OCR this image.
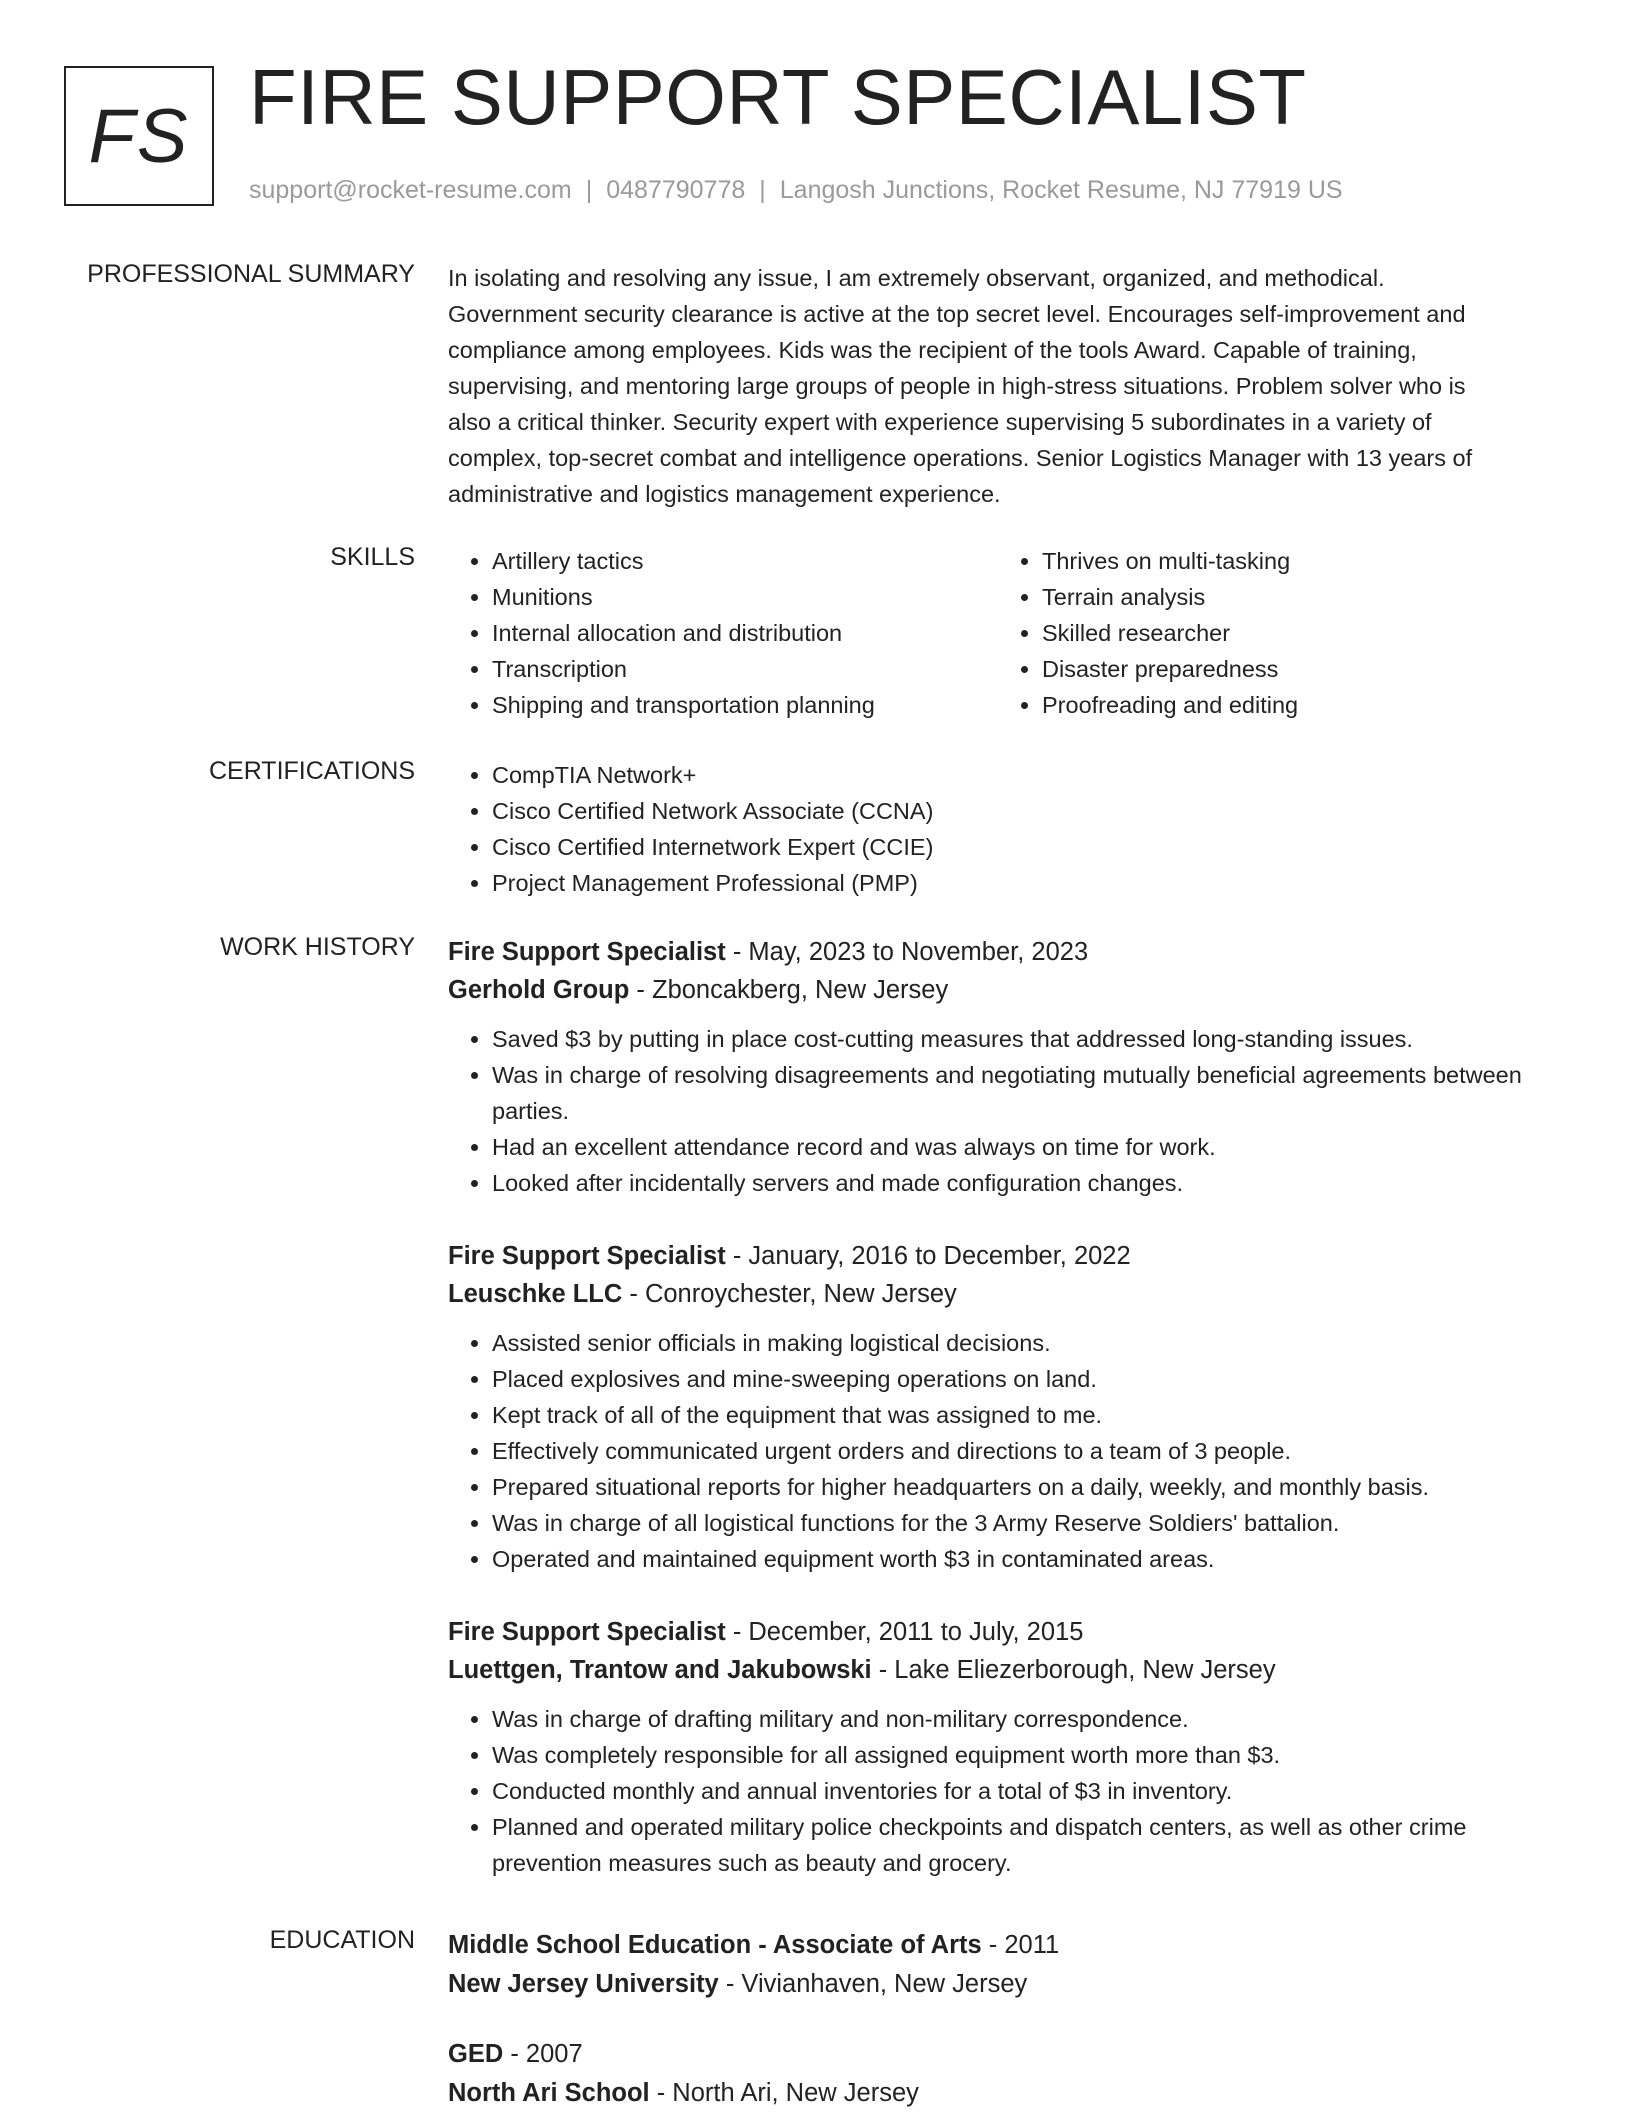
FS FIRE SUPPORT SPECIALIST
support@rocket-resume.com | 0487790778 | Langosh Junctions, Rocket Resume, NJ 77919 US
PROFESSIONAL SUMMARY In isolating and resolving any issue, I am extremely observant, organized, and methodical.

Government security clearance is active at the top secret level. Encourages self-improvement and

compliance among employees. Kids was the recipient of the tools Award. Capable of training,

supervising, and mentoring large groups of people in high-stress situations. Problem solver who is

also a critical thinker. Security expert with experience supervising 5 subordinates in a variety of

complex, top-secret combat and intelligence operations. Senior Logistics Manager with 13 years of

administrative and logistics management experience.

SKILLS	• Artillery tactics
• Munitions
• Internal allocation and distribution
• Transcription
• Shipping and transportation planning
• Thrives on multi-tasking
• Terrain analysis
• Skilled researcher
• Disaster preparedness
• Proofreading and editing
CERTIFICATIONS	• CompTIA Network+
• Cisco Certified Network Associate (CCNA)
• Cisco Certified Internetwork Expert (CCIE)
• Project Management Professional (PMP)
WORK HISTORY Fire Support Specialist - May, 2023 to November, 2023
Gerhold Group - Zboncakberg, New Jersey
• Saved $3 by putting in place cost-cutting measures that addressed long-standing issues.
• Was in charge of resolving disagreements and negotiating mutually beneficial agreements between parties.
• Had an excellent attendance record and was always on time for work.
• Looked after incidentally servers and made configuration changes.
Fire Support Specialist - January, 2016 to December, 2022
Leuschke LLC - Conroychester, New Jersey
• Assisted senior officials in making logistical decisions.
• Placed explosives and mine-sweeping operations on land.
• Kept track of all of the equipment that was assigned to me.
• Effectively communicated urgent orders and directions to a team of 3 people.
• Prepared situational reports for higher headquarters on a daily, weekly, and monthly basis.
• Was in charge of all logistical functions for the 3 Army Reserve Soldiers' battalion.
• Operated and maintained equipment worth $3 in contaminated areas.
Fire Support Specialist - December, 2011 to July, 2015
Luettgen, Trantow and Jakubowski - Lake Eliezerborough, New Jersey
• Was in charge of drafting military and non-military correspondence.
• Was completely responsible for all assigned equipment worth more than $3.
• Conducted monthly and annual inventories for a total of $3 in inventory.
• Planned and operated military police checkpoints and dispatch centers, as well as other crime prevention measures such as beauty and grocery.
EDUCATION Middle School Education - Associate of Arts - 2011
New Jersey University - Vivianhaven, New Jersey
GED - 2007
North Ari School - North Ari, New Jersey
